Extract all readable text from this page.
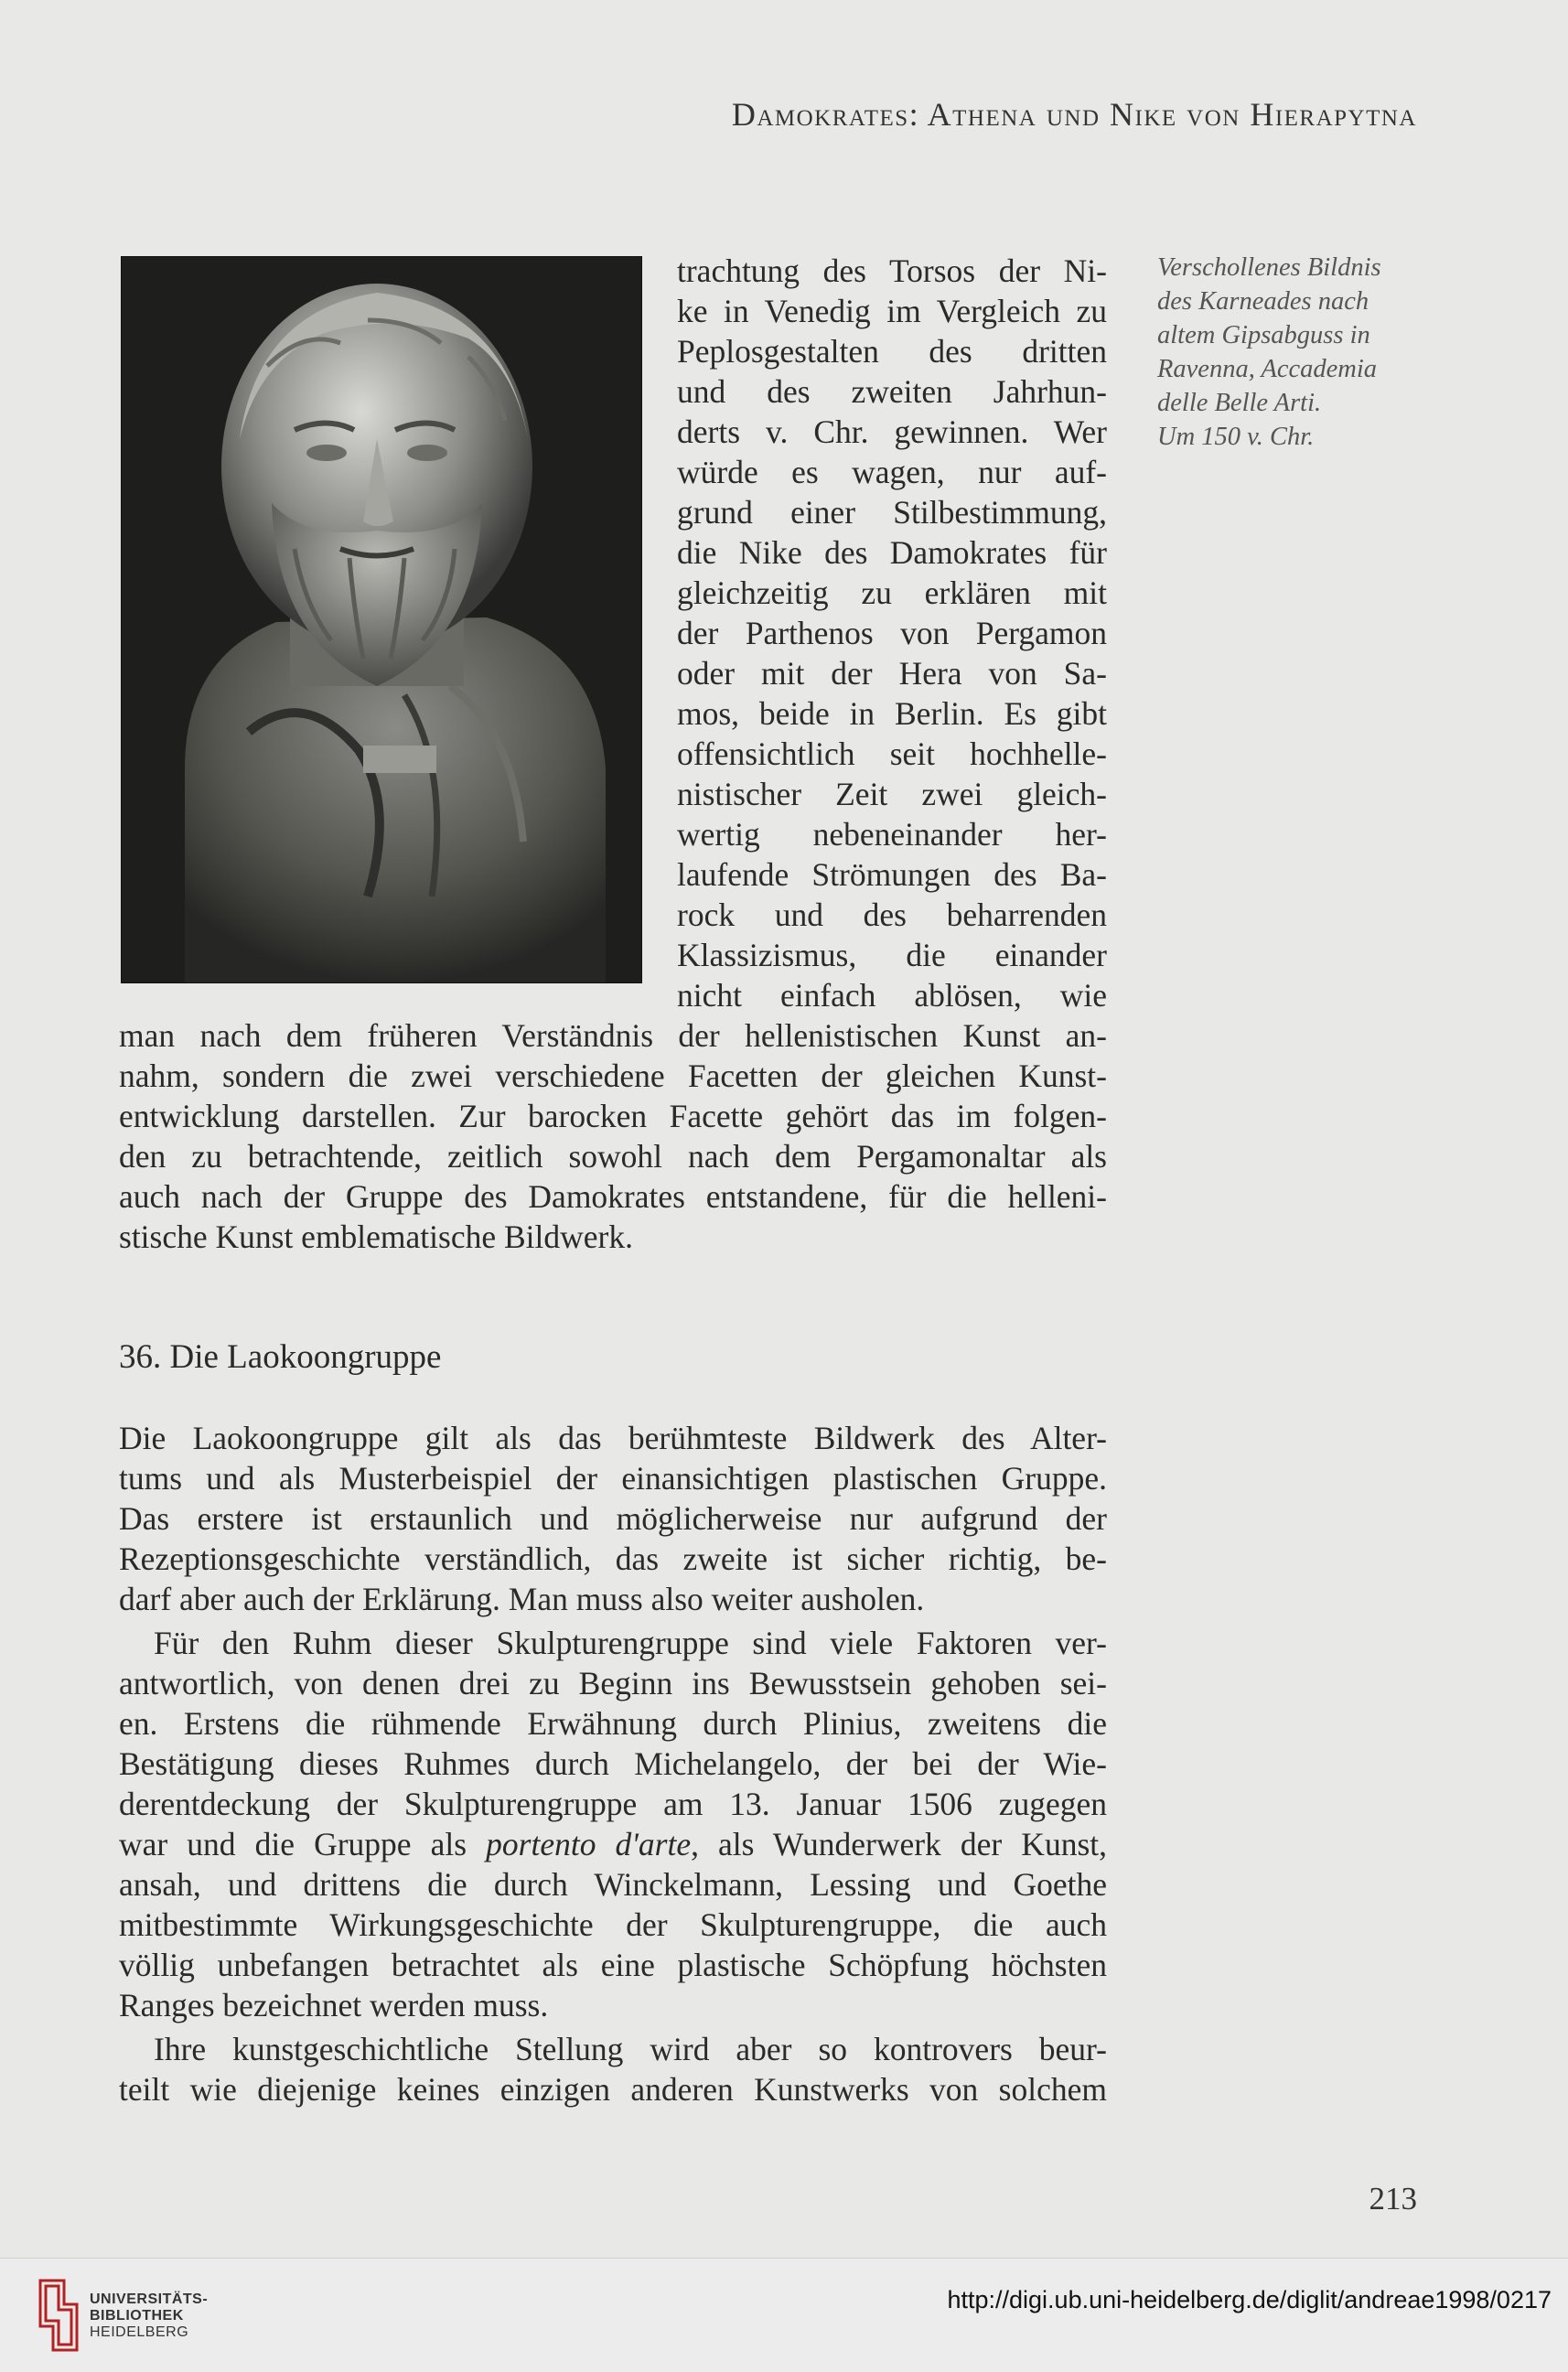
Damokrates: Athena und Nike von Hierapytna
Verschollenes Bildnis
des Karneades nach
altem Gipsabguss in
Ravenna, Accademia
delle Belle Arti.
Um 150 v. Chr.
trachtung des Torsos der Ni-
ke in Venedig im Vergleich zu
Peplosgestalten des dritten
und des zweiten Jahrhun-
derts v. Chr. gewinnen. Wer
würde es wagen, nur auf-
grund einer Stilbestimmung,
die Nike des Damokrates für
gleichzeitig zu erklären mit
der Parthenos von Pergamon
oder mit der Hera von Sa-
mos, beide in Berlin. Es gibt
offensichtlich seit hochhelle-
nistischer Zeit zwei gleich-
wertig nebeneinander her-
laufende Strömungen des Ba-
rock und des beharrenden
Klassizismus, die einander
nicht einfach ablösen, wie
man nach dem früheren Verständnis der hellenistischen Kunst an-
nahm, sondern die zwei verschiedene Facetten der gleichen Kunst-
entwicklung darstellen. Zur barocken Facette gehört das im folgen-
den zu betrachtende, zeitlich sowohl nach dem Pergamonaltar als
auch nach der Gruppe des Damokrates entstandene, für die helleni-
stische Kunst emblematische Bildwerk.
36. Die Laokoongruppe
Die Laokoongruppe gilt als das berühmteste Bildwerk des Alter-
tums und als Musterbeispiel der einansichtigen plastischen Gruppe.
Das erstere ist erstaunlich und möglicherweise nur aufgrund der
Rezeptionsgeschichte verständlich, das zweite ist sicher richtig, be-
darf aber auch der Erklärung. Man muss also weiter ausholen.
Für den Ruhm dieser Skulpturengruppe sind viele Faktoren ver-
antwortlich, von denen drei zu Beginn ins Bewusstsein gehoben sei-
en. Erstens die rühmende Erwähnung durch Plinius, zweitens die
Bestätigung dieses Ruhmes durch Michelangelo, der bei der Wie-
derentdeckung der Skulpturengruppe am 13. Januar 1506 zugegen
war und die Gruppe als portento d'arte, als Wunderwerk der Kunst,
ansah, und drittens die durch Winckelmann, Lessing und Goethe
mitbestimmte Wirkungsgeschichte der Skulpturengruppe, die auch
völlig unbefangen betrachtet als eine plastische Schöpfung höchsten
Ranges bezeichnet werden muss.
Ihre kunstgeschichtliche Stellung wird aber so kontrovers beur-
teilt wie diejenige keines einzigen anderen Kunstwerks von solchem
213
UNIVERSITÄTS-
BIBLIOTHEK
HEIDELBERG
http://digi.ub.uni-heidelberg.de/diglit/andreae1998/0217
